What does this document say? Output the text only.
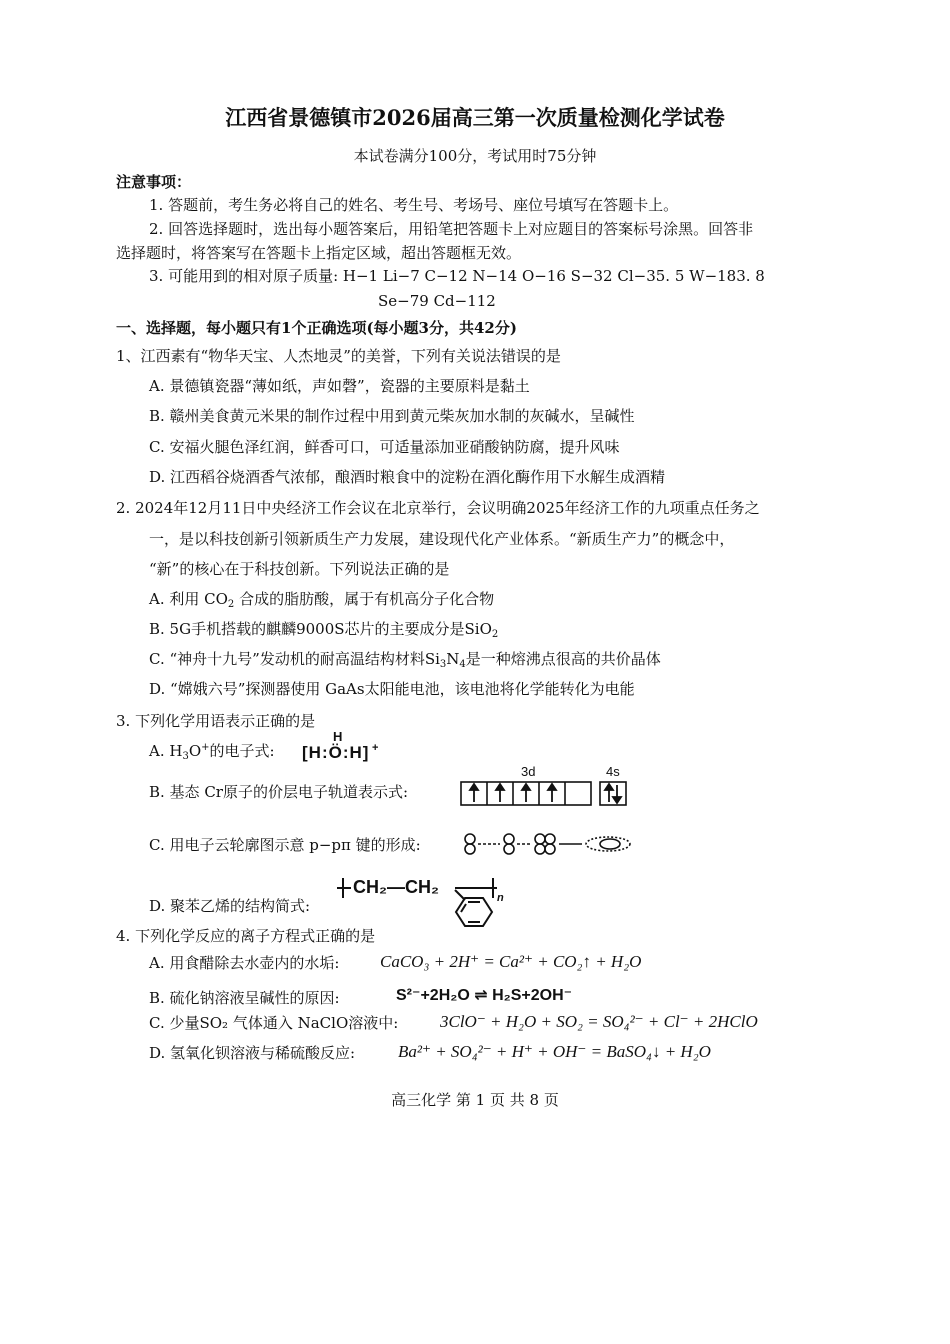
江西省景德镇市2026届高三第一次质量检测化学试卷
本试卷满分100分，考试用时75分钟
注意事项：
1. 答题前，考生务必将自己的姓名、考生号、考场号、座位号填写在答题卡上。
2. 回答选择题时，选出每小题答案后，用铅笔把答题卡上对应题目的答案标号涂黑。回答非
选择题时，将答案写在答题卡上指定区域，超出答题框无效。
3. 可能用到的相对原子质量: H−1 Li−7 C−12 N−14 O−16 S−32 Cl−35. 5 W−183. 8
Se−79 Cd−112
一、选择题，每小题只有1个正确选项(每小题3分，共42分)
1、江西素有“物华天宝、人杰地灵”的美誉，下列有关说法错误的是
A. 景德镇瓷器“薄如纸，声如磬”，瓷器的主要原料是黏土
B. 赣州美食黄元米果的制作过程中用到黄元柴灰加水制的灰碱水，呈碱性
C. 安福火腿色泽红润，鲜香可口，可适量添加亚硝酸钠防腐，提升风味
D. 江西稻谷烧酒香气浓郁，酿酒时粮食中的淀粉在酒化酶作用下水解生成酒精
2. 2024年12月11日中央经济工作会议在北京举行，会议明确2025年经济工作的九项重点任务之
一，是以科技创新引领新质生产力发展，建设现代化产业体系。“新质生产力”的概念中，
“新”的核心在于科技创新。下列说法正确的是
A. 利用 $CO_2$ 合成的脂肪酸，属于有机高分子化合物
B. 5G手机搭载的麒麟9000S芯片的主要成分是SiO$_2$
C. “神舟十九号”发动机的耐高温结构材料$Si_3N_4$是一种熔沸点很高的共价晶体
D. “嫦娥六号”探测器使用 GaAs太阳能电池，该电池将化学能转化为电能
3. 下列化学用语表示正确的是
A. $H_3O^+$的电子式:
H
[H:Ö:H] +
B. 基态 Cr原子的价层电子轨道表示式:
3d	4s
C. 用电子云轮廓图示意 p−pπ 键的形成:
D. 聚苯乙烯的结构简式:
CH₂—CH₂
n
4. 下列化学反应的离子方程式正确的是
A. 用食醋除去水壶内的水垢: CaCO₃ + 2H⁺ = Ca²⁺ + CO₂↑ + H₂O
B. 硫化钠溶液呈碱性的原因:	S²⁻+2H₂O ⇌ H₂S+2OH⁻
C. 少量SO₂ 气体通入 NaClO溶液中: 3ClO⁻ + H₂O + SO₂ = SO₄²⁻ + Cl⁻ + 2HClO
D. 氢氧化钡溶液与稀硫酸反应:	Ba²⁺ + SO₄²⁻ + H⁺ + OH⁻ = BaSO₄↓ + H₂O
高三化学 第 1 页 共 8 页
